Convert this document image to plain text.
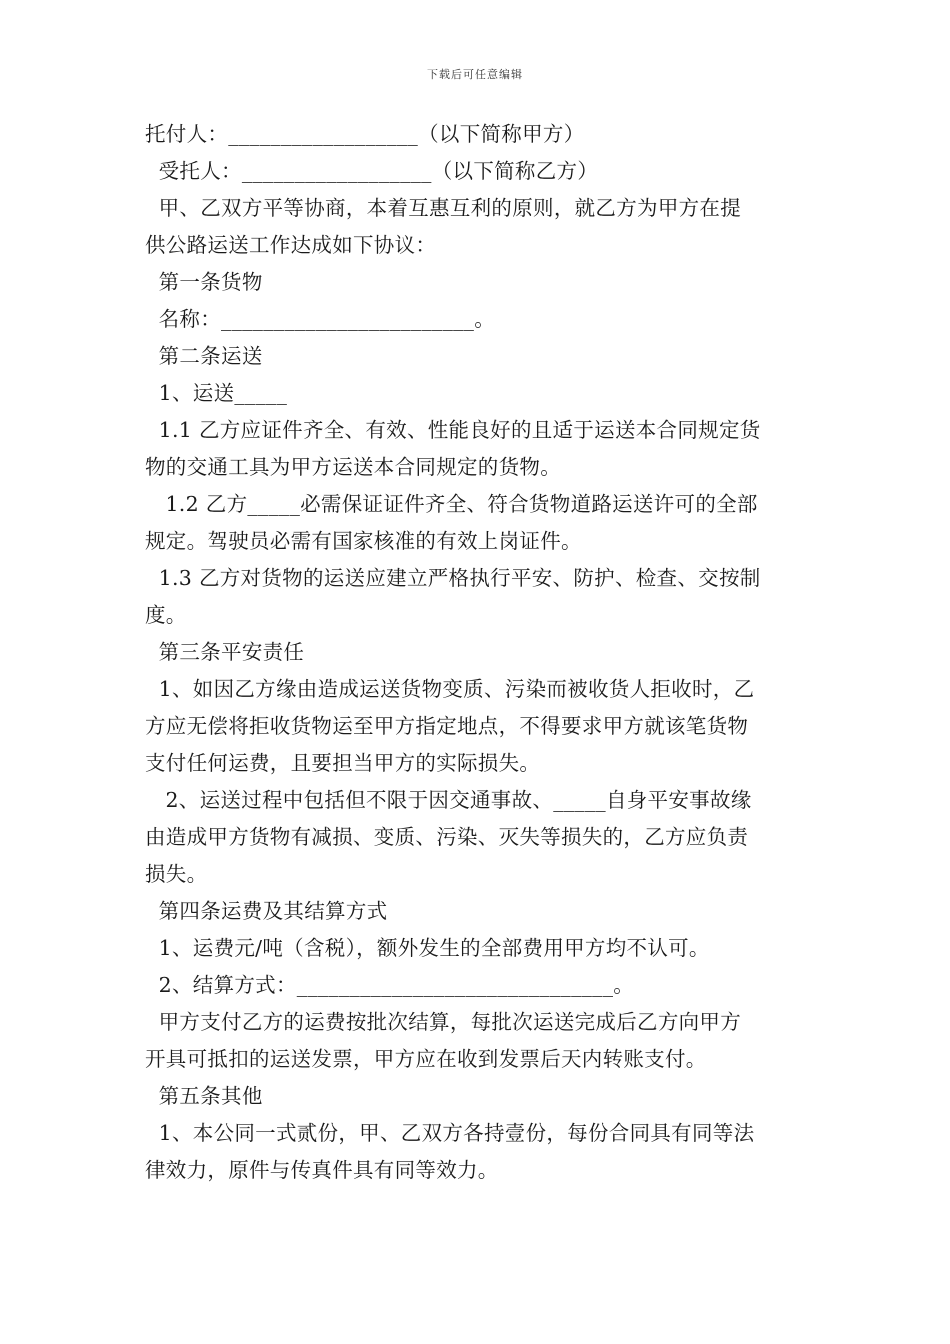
下载后可任意编辑
托付人：__________________（以下简称甲方）
受托人：__________________（以下简称乙方）
甲、乙双方平等协商，本着互惠互利的原则，就乙方为甲方在提
供公路运送工作达成如下协议：
第一条货物
名称：________________________。
第二条运送
1、运送_____
1.1 乙方应证件齐全、有效、性能良好的且适于运送本合同规定货
物的交通工具为甲方运送本合同规定的货物。
1.2 乙方_____必需保证证件齐全、符合货物道路运送许可的全部
规定。驾驶员必需有国家核准的有效上岗证件。
1.3 乙方对货物的运送应建立严格执行平安、防护、检查、交按制
度。
第三条平安责任
1、如因乙方缘由造成运送货物变质、污染而被收货人拒收时，乙
方应无偿将拒收货物运至甲方指定地点，不得要求甲方就该笔货物
支付任何运费，且要担当甲方的实际损失。
2、运送过程中包括但不限于因交通事故、_____自身平安事故缘
由造成甲方货物有减损、变质、污染、灭失等损失的，乙方应负责
损失。
第四条运费及其结算方式
1、运费元/吨（含税），额外发生的全部费用甲方均不认可。
2、结算方式：______________________________。
甲方支付乙方的运费按批次结算，每批次运送完成后乙方向甲方
开具可抵扣的运送发票，甲方应在收到发票后天内转账支付。
第五条其他
1、本公同一式贰份，甲、乙双方各持壹份，每份合同具有同等法
律效力，原件与传真件具有同等效力。
